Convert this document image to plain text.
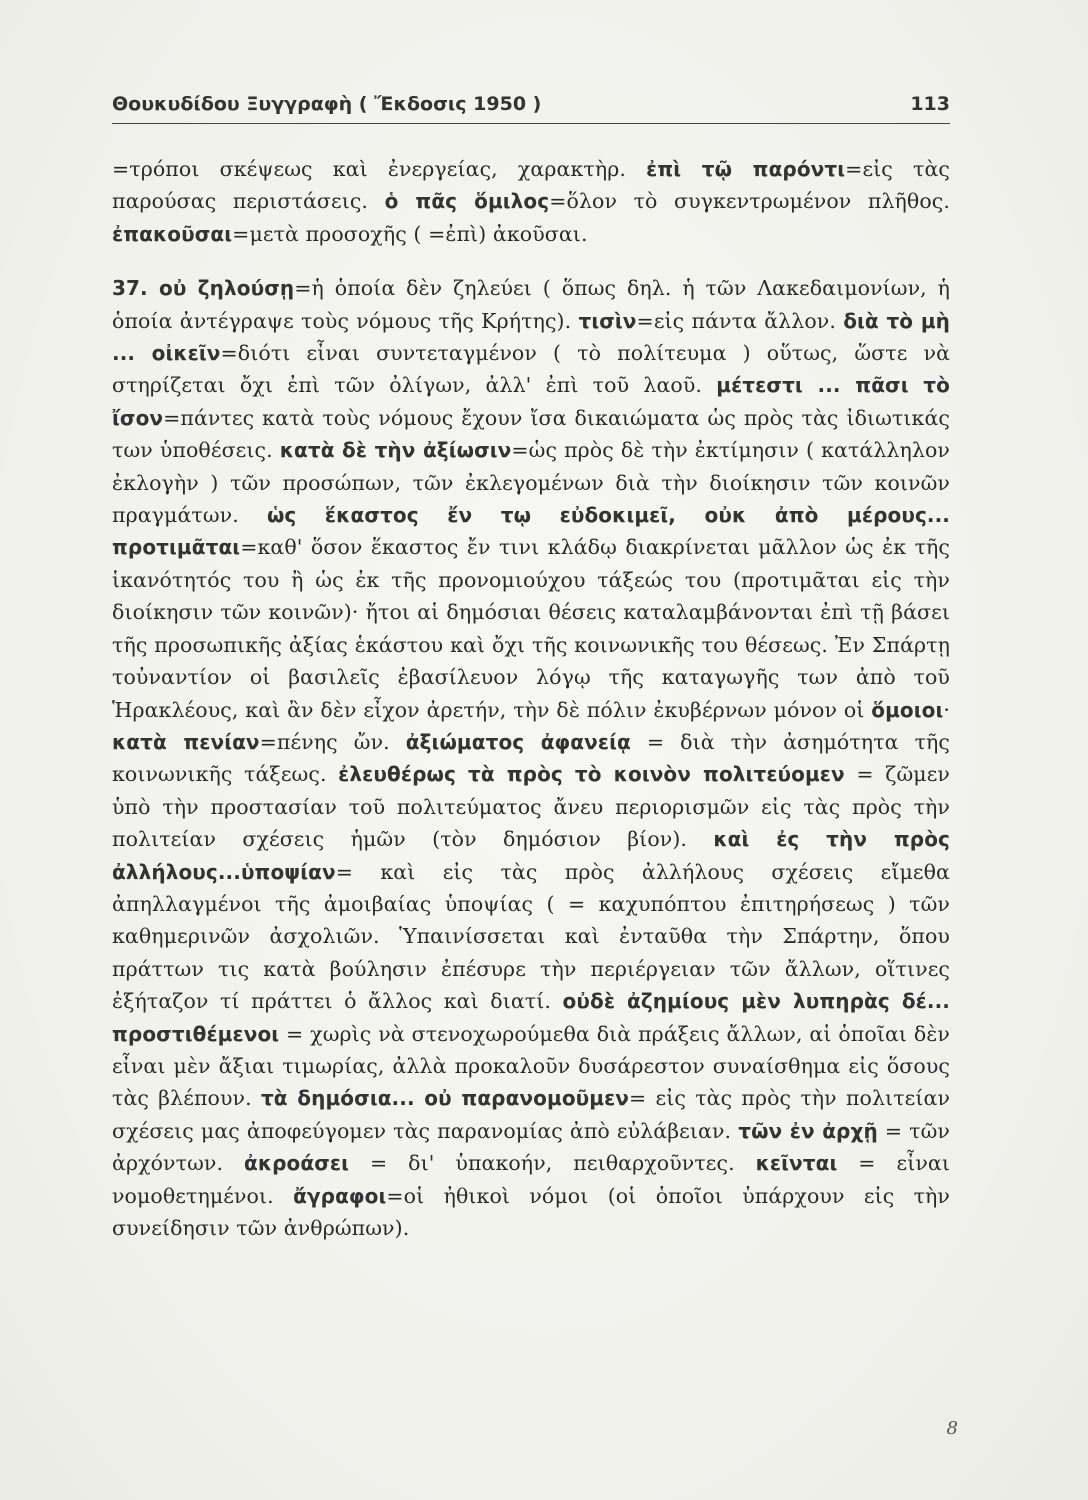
Θουκυδίδου Ξυγγραφὴ ( Ἔκδοσις 1950 )	113

=τρόποι σκέψεως καὶ ἐνεργείας, χαρακτὴρ. ἐπὶ τῷ παρόντι=εἰς τὰς παρούσας περιστάσεις. ὁ πᾶς ὅμιλος=ὅλον τὸ συγκεντρωμένον πλῆθος. ἐπακοῦσαι=μετὰ προσοχῆς ( =ἐπὶ) ἀκοῦσαι.

37. οὐ ζηλούσῃ=ἡ ὁποία δὲν ζηλεύει ( ὅπως δηλ. ἡ τῶν Λακεδαιμονίων, ἡ ὁποία ἀντέγραψε τοὺς νόμους τῆς Κρήτης). τισὶν=εἰς πάντα ἄλλον. διὰ τὸ μὴ ... οἰκεῖν=διότι εἶναι συντεταγμένον ( τὸ πολίτευμα ) οὕτως, ὥστε νὰ στηρίζεται ὄχι ἐπὶ τῶν ὀλίγων, ἀλλ' ἐπὶ τοῦ λαοῦ. μέτεστι ... πᾶσι τὸ ἴσον=πάντες κατὰ τοὺς νόμους ἔχουν ἴσα δικαιώματα ὡς πρὸς τὰς ἰδιωτικάς των ὑποθέσεις. κατὰ δὲ τὴν ἀξίωσιν=ὡς πρὸς δὲ τὴν ἐκτίμησιν ( κατάλληλον ἐκλογὴν ) τῶν προσώπων, τῶν ἐκλεγομένων διὰ τὴν διοίκησιν τῶν κοινῶν πραγμάτων. ὡς ἕκαστος ἔν τῳ εὐδοκιμεῖ, οὐκ ἀπὸ μέρους... προτιμᾶται=καθ' ὅσον ἕκαστος ἔν τινι κλάδῳ διακρίνεται μᾶλλον ὡς ἐκ τῆς ἱκανότητός του ἢ ὡς ἐκ τῆς προνομιούχου τάξεώς του (προτιμᾶται εἰς τὴν διοίκησιν τῶν κοινῶν)· ἤτοι αἱ δημόσιαι θέσεις καταλαμβάνονται ἐπὶ τῇ βάσει τῆς προσωπικῆς ἀξίας ἑκάστου καὶ ὄχι τῆς κοινωνικῆς του θέσεως. Ἐν Σπάρτῃ τοὐναντίον οἱ βασιλεῖς ἐβασίλευον λόγῳ τῆς καταγωγῆς των ἀπὸ τοῦ Ἡρακλέους, καὶ ἂν δὲν εἶχον ἀρετήν, τὴν δὲ πόλιν ἐκυβέρνων μόνον οἱ ὅμοιοι· κατὰ πενίαν=πένης ὤν. ἀξιώματος ἀφανείᾳ = διὰ τὴν ἀσημότητα τῆς κοινωνικῆς τάξεως. ἐλευθέρως τὰ πρὸς τὸ κοινὸν πολιτεύομεν = ζῶμεν ὑπὸ τὴν προστασίαν τοῦ πολιτεύματος ἄνευ περιορισμῶν εἰς τὰς πρὸς τὴν πολιτείαν σχέσεις ἡμῶν (τὸν δημόσιον βίον). καὶ ἐς τὴν πρὸς ἀλλήλους...ὑποψίαν= καὶ εἰς τὰς πρὸς ἀλλήλους σχέσεις εἴμεθα ἀπηλλαγμένοι τῆς ἀμοιβαίας ὑποψίας ( = καχυπόπτου ἐπιτηρήσεως ) τῶν καθημερινῶν ἀσχολιῶν. Ὑπαινίσσεται καὶ ἐνταῦθα τὴν Σπάρτην, ὅπου πράττων τις κατὰ βούλησιν ἐπέσυρε τὴν περιέργειαν τῶν ἄλλων, οἵτινες ἐξήταζον τί πράττει ὁ ἄλλος καὶ διατί. οὐδὲ ἀζημίους μὲν λυπηρὰς δέ... προστιθέμενοι = χωρὶς νὰ στενοχωρούμεθα διὰ πράξεις ἄλλων, αἱ ὁποῖαι δὲν εἶναι μὲν ἄξιαι τιμωρίας, ἀλλὰ προκαλοῦν δυσάρεστον συναίσθημα εἰς ὅσους τὰς βλέπουν. τὰ δημόσια... οὐ παρανομοῦμεν= εἰς τὰς πρὸς τὴν πολιτείαν σχέσεις μας ἀποφεύγομεν τὰς παρανομίας ἀπὸ εὐλάβειαν. τῶν ἐν ἀρχῇ = τῶν ἀρχόντων. ἀκροάσει = δι' ὑπακοήν, πειθαρχοῦντες. κεῖνται = εἶναι νομοθετημένοι. ἄγραφοι=οἱ ἠθικοὶ νόμοι (οἱ ὁποῖοι ὑπάρχουν εἰς τὴν συνείδησιν τῶν ἀνθρώπων).

8
